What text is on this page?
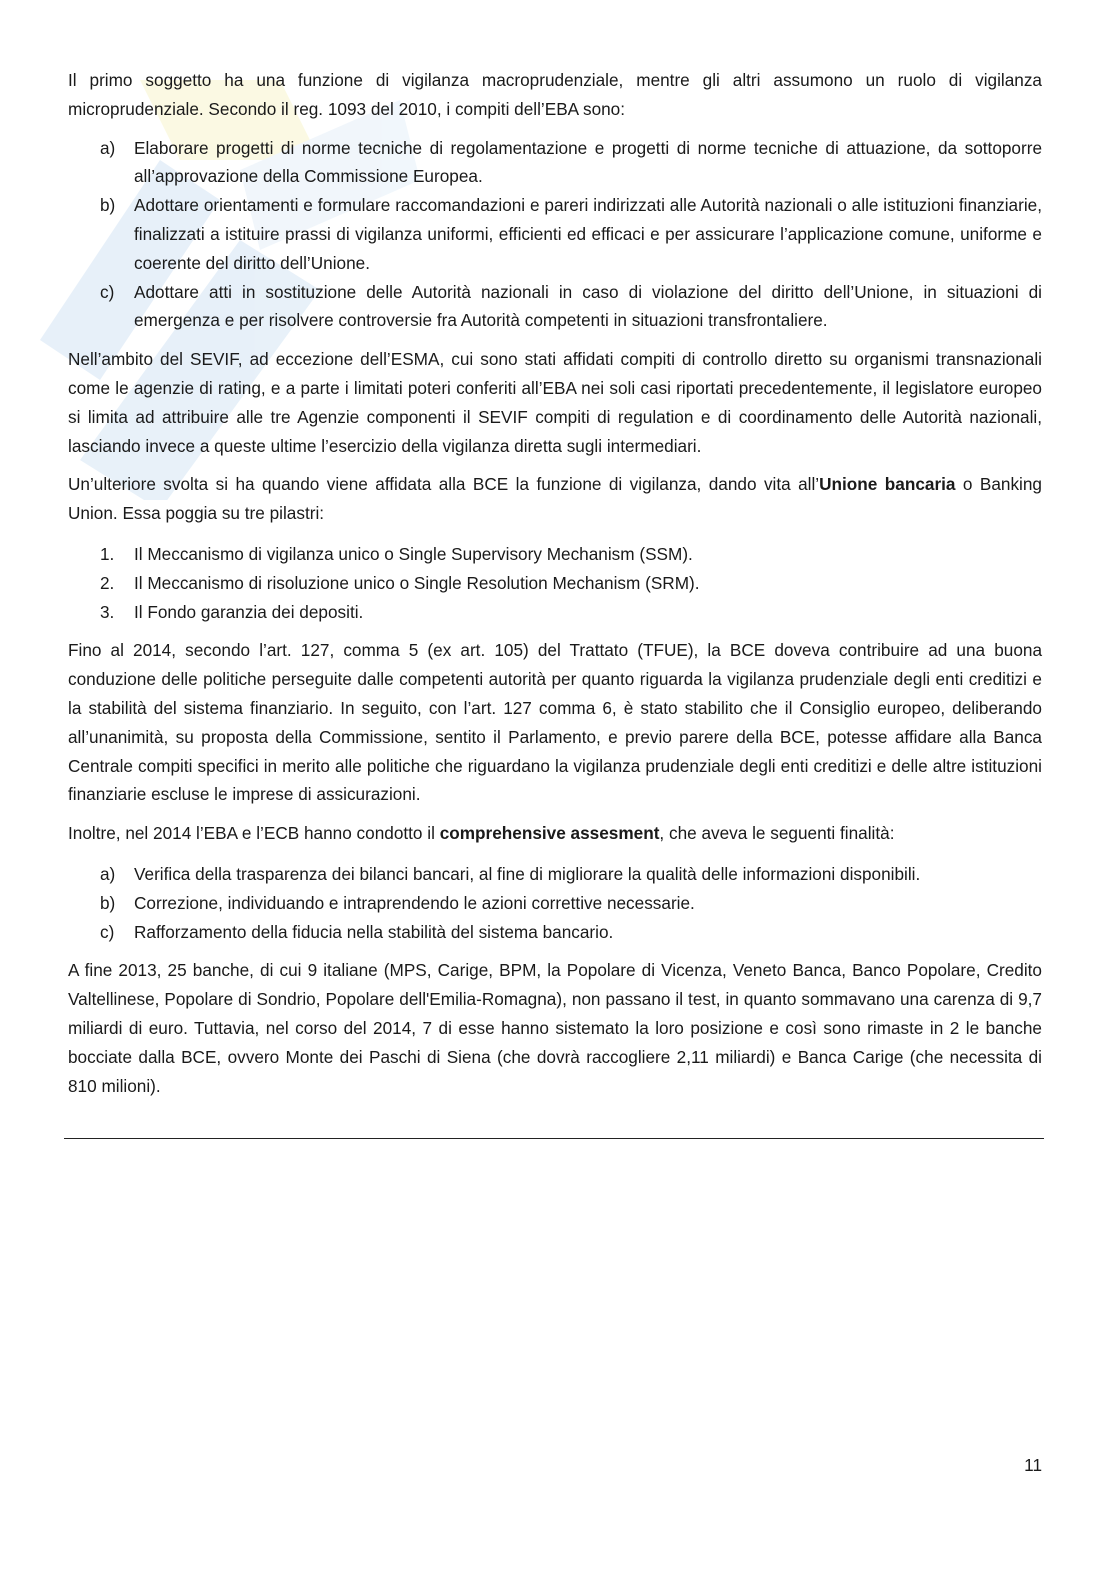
Il primo soggetto ha una funzione di vigilanza macroprudenziale, mentre gli altri assumono un ruolo di vigilanza microprudenziale. Secondo il reg. 1093 del 2010, i compiti dell’EBA sono:

a)	Elaborare progetti di norme tecniche di regolamentazione e progetti di norme tecniche di attuazione, da sottoporre all’approvazione della Commissione Europea.
b)	Adottare orientamenti e formulare raccomandazioni e pareri indirizzati alle Autorità nazionali o alle istituzioni finanziarie, finalizzati a istituire prassi di vigilanza uniformi, efficienti ed efficaci e per assicurare l’applicazione comune, uniforme e coerente del diritto dell’Unione.
c)	Adottare atti in sostituzione delle Autorità nazionali in caso di violazione del diritto dell’Unione, in situazioni di emergenza e per risolvere controversie fra Autorità competenti in situazioni transfrontaliere.

Nell’ambito del SEVIF, ad eccezione dell’ESMA, cui sono stati affidati compiti di controllo diretto su organismi transnazionali come le agenzie di rating, e a parte i limitati poteri conferiti all’EBA nei soli casi riportati precedentemente, il legislatore europeo si limita ad attribuire alle tre Agenzie componenti il SEVIF compiti di regulation e di coordinamento delle Autorità nazionali, lasciando invece a queste ultime l’esercizio della vigilanza diretta sugli intermediari.

Un’ulteriore svolta si ha quando viene affidata alla BCE la funzione di vigilanza, dando vita all’Unione bancaria o Banking Union. Essa poggia su tre pilastri:

1.	Il Meccanismo di vigilanza unico o Single Supervisory Mechanism (SSM).
2.	Il Meccanismo di risoluzione unico o Single Resolution Mechanism (SRM).
3.	Il Fondo garanzia dei depositi.

Fino al 2014, secondo l’art. 127, comma 5 (ex art. 105) del Trattato (TFUE), la BCE doveva contribuire ad una buona conduzione delle politiche perseguite dalle competenti autorità per quanto riguarda la vigilanza prudenziale degli enti creditizi e la stabilità del sistema finanziario. In seguito, con l’art. 127 comma 6, è stato stabilito che il Consiglio europeo, deliberando all’unanimità, su proposta della Commissione, sentito il Parlamento, e previo parere della BCE, potesse affidare alla Banca Centrale compiti specifici in merito alle politiche che riguardano la vigilanza prudenziale degli enti creditizi e delle altre istituzioni finanziarie escluse le imprese di assicurazioni.

Inoltre, nel 2014 l’EBA e l’ECB hanno condotto il comprehensive assesment, che aveva le seguenti finalità:

a)	Verifica della trasparenza dei bilanci bancari, al fine di migliorare la qualità delle informazioni disponibili.
b)	Correzione, individuando e intraprendendo le azioni correttive necessarie.
c)	Rafforzamento della fiducia nella stabilità del sistema bancario.

A fine 2013, 25 banche, di cui 9 italiane (MPS, Carige, BPM, la Popolare di Vicenza, Veneto Banca, Banco Popolare, Credito Valtellinese, Popolare di Sondrio, Popolare dell'Emilia-Romagna), non passano il test, in quanto sommavano una carenza di 9,7 miliardi di euro. Tuttavia, nel corso del 2014, 7 di esse hanno sistemato la loro posizione e così sono rimaste in 2 le banche bocciate dalla BCE, ovvero Monte dei Paschi di Siena (che dovrà raccogliere 2,11 miliardi) e Banca Carige (che necessita di 810 milioni).

11
